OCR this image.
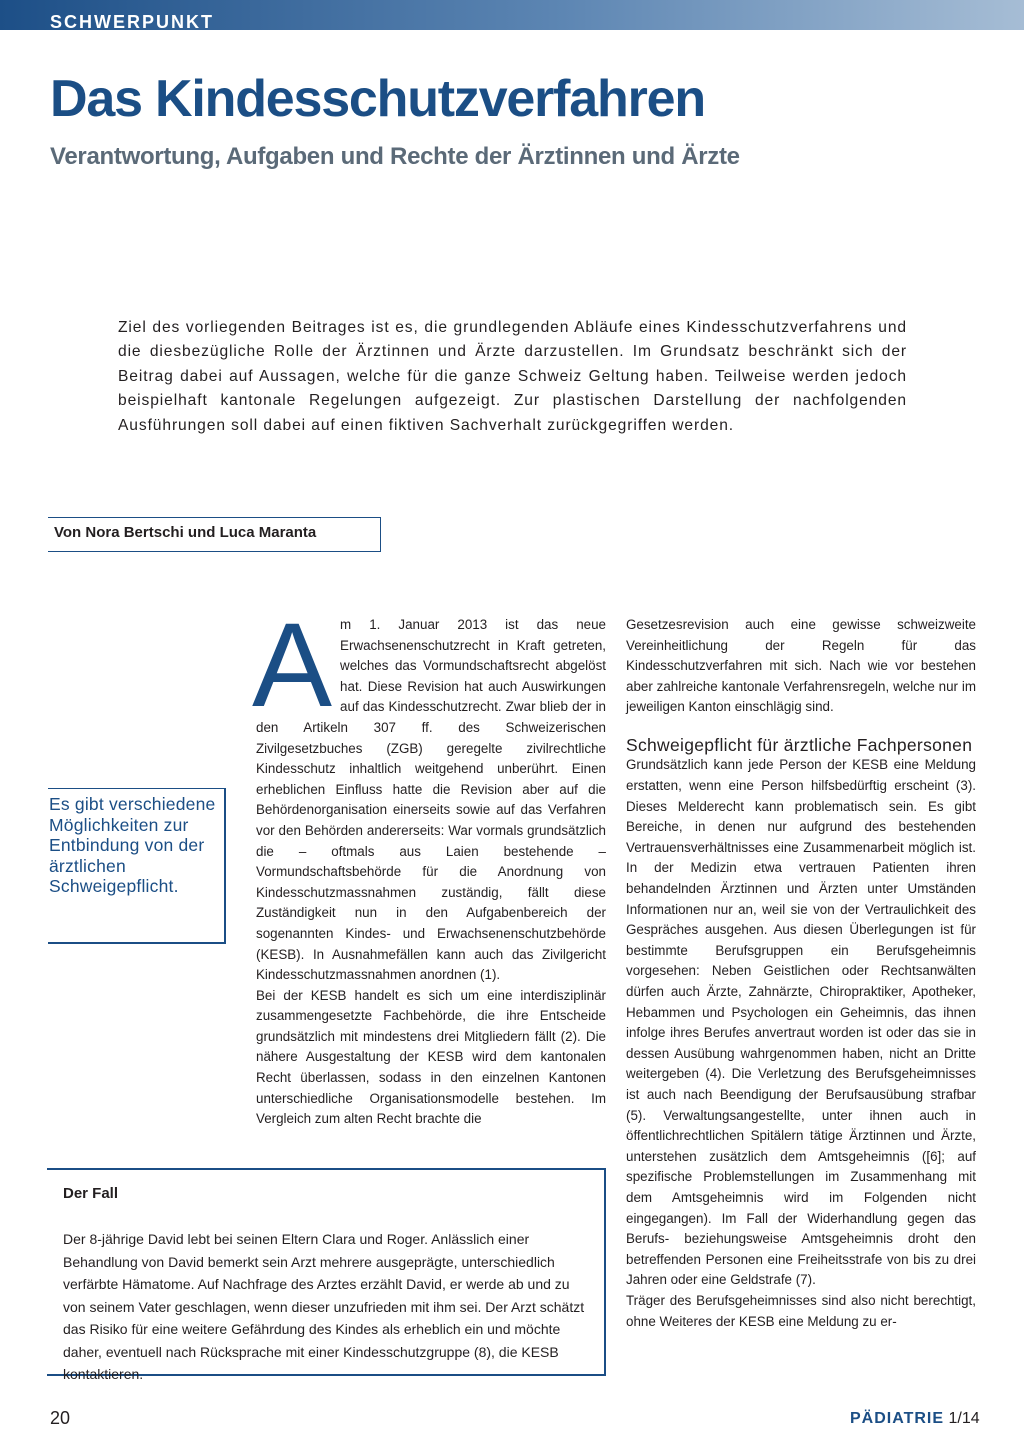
SCHWERPUNKT
Das Kindesschutzverfahren
Verantwortung, Aufgaben und Rechte der Ärztinnen und Ärzte

Ziel des vorliegenden Beitrages ist es, die grundlegenden Abläufe eines Kindesschutzverfahrens und die diesbezügliche Rolle der Ärztinnen und Ärzte darzustellen. Im Grundsatz beschränkt sich der Beitrag dabei auf Aussagen, welche für die ganze Schweiz Geltung haben. Teilweise werden jedoch beispielhaft kantonale Regelungen aufgezeigt. Zur plastischen Darstellung der nachfolgenden Ausführungen soll dabei auf einen fiktiven Sachverhalt zurückgegriffen werden.

Von Nora Bertschi und Luca Maranta
Es gibt verschiedene Möglichkeiten zur Entbindung von der ärztlichen Schweigepflicht.
A m 1. Januar 2013 ist das neue Erwachsenenschutzrecht in Kraft getreten, welches das Vormundschaftsrecht abgelöst hat. Diese Revision hat auch Auswirkungen auf das Kindesschutzrecht. Zwar blieb der in den Artikeln 307 ff. des Schweizerischen Zivilgesetzbuches (ZGB) geregelte zivilrechtliche Kindesschutz inhaltlich weitgehend unberührt. Einen erheblichen Einfluss hatte die Revision aber auf die Behördenorganisation einerseits sowie auf das Verfahren vor den Behörden andererseits: War vormals grundsätzlich die – oftmals aus Laien bestehende – Vormundschaftsbehörde für die Anordnung von Kindesschutzmassnahmen zuständig, fällt diese Zuständigkeit nun in den Aufgabenbereich der sogenannten Kindes- und Erwachsenenschutzbehörde (KESB). In Ausnahmefällen kann auch das Zivilgericht Kindesschutzmassnahmen anordnen (1).

Bei der KESB handelt es sich um eine interdisziplinär zusammengesetzte Fachbehörde, die ihre Entscheide grundsätzlich mit mindestens drei Mitgliedern fällt (2). Die nähere Ausgestaltung der KESB wird dem kantonalen Recht überlassen, sodass in den einzelnen Kantonen unterschiedliche Organisationsmodelle bestehen. Im Vergleich zum alten Recht brachte die

Gesetzesrevision auch eine gewisse schweizweite Vereinheitlichung der Regeln für das Kindesschutzverfahren mit sich. Nach wie vor bestehen aber zahlreiche kantonale Verfahrensregeln, welche nur im jeweiligen Kanton einschlägig sind.

Schweigepflicht für ärztliche Fachpersonen

Grundsätzlich kann jede Person der KESB eine Meldung erstatten, wenn eine Person hilfsbedürftig erscheint (3). Dieses Melderecht kann problematisch sein. Es gibt Bereiche, in denen nur aufgrund des bestehenden Vertrauensverhältnisses eine Zusammenarbeit möglich ist. In der Medizin etwa vertrauen Patienten ihren behandelnden Ärztinnen und Ärzten unter Umständen Informationen nur an, weil sie von der Vertraulichkeit des Gespräches ausgehen. Aus diesen Überlegungen ist für bestimmte Berufsgruppen ein Berufsgeheimnis vorgesehen: Neben Geistlichen oder Rechtsanwälten dürfen auch Ärzte, Zahnärzte, Chiropraktiker, Apotheker, Hebammen und Psychologen ein Geheimnis, das ihnen infolge ihres Berufes anvertraut worden ist oder das sie in dessen Ausübung wahrgenommen haben, nicht an Dritte weitergeben (4). Die Verletzung des Berufsgeheimnisses ist auch nach Beendigung der Berufsausübung strafbar (5). Verwaltungsangestellte, unter ihnen auch in öffentlichrechtlichen Spitälern tätige Ärztinnen und Ärzte, unterstehen zusätzlich dem Amtsgeheimnis ([6]; auf spezifische Problemstellungen im Zusammenhang mit dem Amtsgeheimnis wird im Folgenden nicht eingegangen). Im Fall der Widerhandlung gegen das Berufs- beziehungsweise Amtsgeheimnis droht den betreffenden Personen eine Freiheitsstrafe von bis zu drei Jahren oder eine Geldstrafe (7).

Träger des Berufsgeheimnisses sind also nicht berechtigt, ohne Weiteres der KESB eine Meldung zu er-

Der Fall
Der 8-jährige David lebt bei seinen Eltern Clara und Roger. Anlässlich einer Behandlung von David bemerkt sein Arzt mehrere ausgeprägte, unterschiedlich verfärbte Hämatome. Auf Nachfrage des Arztes erzählt David, er werde ab und zu von seinem Vater geschlagen, wenn dieser unzufrieden mit ihm sei. Der Arzt schätzt das Risiko für eine weitere Gefährdung des Kindes als erheblich ein und möchte daher, eventuell nach Rücksprache mit einer Kindesschutzgruppe (8), die KESB kontaktieren.
20	PÄDIATRIE 1/14
